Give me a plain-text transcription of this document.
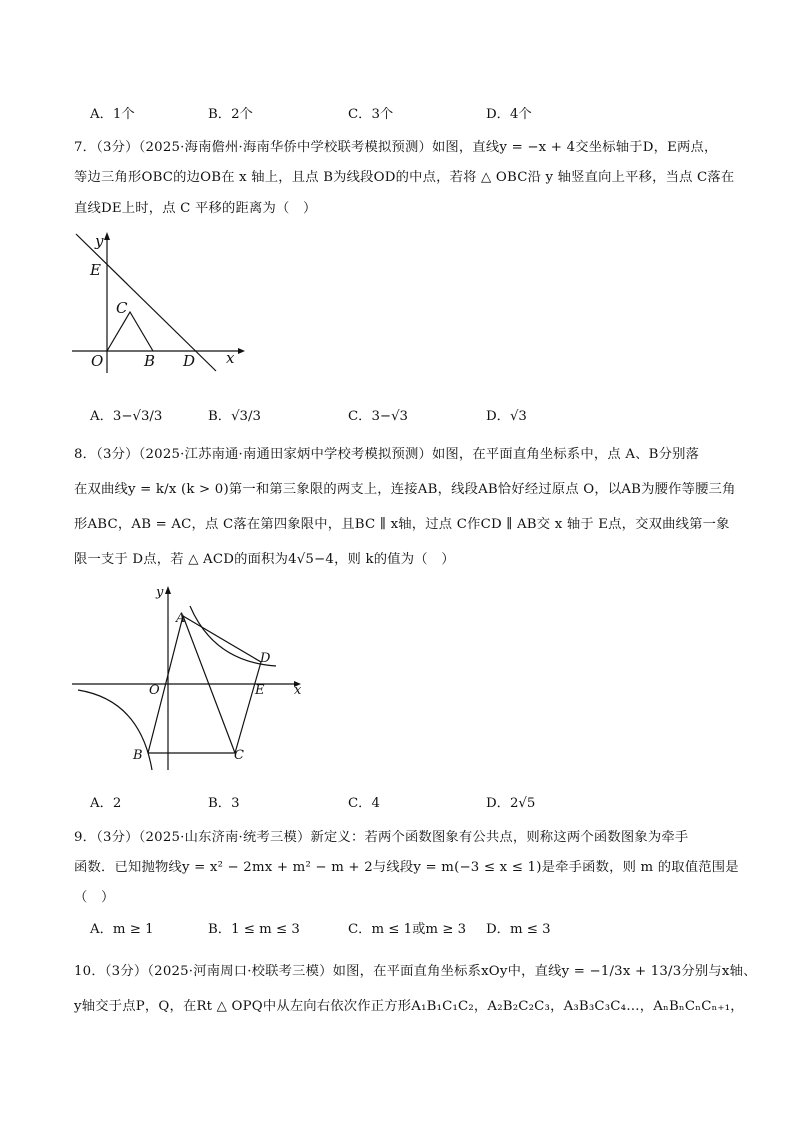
A．1个	B．2个	C．3个	D．4个
7．（3分）（2025·海南儋州·海南华侨中学校联考模拟预测）如图，直线y = −x + 4交坐标轴于D，E两点，
等边三角形OBC的边OB在 x 轴上，且点 B为线段OD的中点，若将 △ OBC沿 y 轴竖直向上平移，当点 C落在
直线DE上时，点 C 平移的距离为（　）
y
E
C
O	B D x
A．3−√3/3	B．√3/3	C．3−√3	D．√3
8．（3分）（2025·江苏南通·南通田家炳中学校考模拟预测）如图，在平面直角坐标系中，点 A、B分别落
在双曲线y = k/x (k > 0)第一和第三象限的两支上，连接AB，线段AB恰好经过原点 O，以AB为腰作等腰三角
形ABC，AB = AC，点 C落在第四象限中，且BC ∥ x轴，过点 C作CD ∥ AB交 x 轴于 E点，交双曲线第一象
限一支于 D点，若 △ ACD的面积为4√5−4，则 k的值为（　）
y
A
D
O	E x
B	C
A．2	B．3	C．4	D．2√5
9．（3分）（2025·山东济南·统考三模）新定义：若两个函数图象有公共点，则称这两个函数图象为牵手
函数．已知抛物线y = x² − 2mx + m² − m + 2与线段y = m(−3 ≤ x ≤ 1)是牵手函数，则 m 的取值范围是
（　）
A．m ≥ 1	B．1 ≤ m ≤ 3	C．m ≤ 1或m ≥ 3 D．m ≤ 3
10．（3分）（2025·河南周口·校联考三模）如图，在平面直角坐标系xOy中，直线y = −1/3x + 13/3分别与x轴、
y轴交于点P，Q，在Rt △ OPQ中从左向右依次作正方形A₁B₁C₁C₂，A₂B₂C₂C₃，A₃B₃C₃C₄…，AₙBₙCₙCₙ₊₁，
